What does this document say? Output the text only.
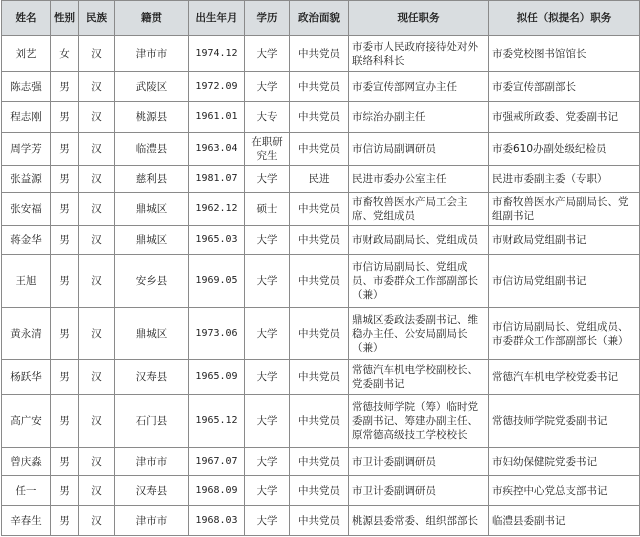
姓名	性别	民族	籍贯	出生年月	学历	政治面貌	现任职务	拟任（拟提名）职务
刘艺	女	汉	津市市	1974.12	大学	中共党员	市委市人民政府接待处对外联络科科长	市委党校图书馆馆长
陈志强	男	汉	武陵区	1972.09	大学	中共党员	市委宣传部网宣办主任	市委宣传部副部长
程志刚	男	汉	桃源县	1961.01	大专	中共党员	市综治办副主任	市强戒所政委、党委副书记
周学芳	男	汉	临澧县	1963.04	在职研究生	中共党员	市信访局副调研员	市委610办副处级纪检员
张益源	男	汉	慈利县	1981.07	大学	民进	民进市委办公室主任	民进市委副主委（专职）
张安福	男	汉	鼎城区	1962.12	硕士	中共党员	市畜牧兽医水产局工会主席、党组成员	市畜牧兽医水产局副局长、党组副书记
蒋金华	男	汉	鼎城区	1965.03	大学	中共党员	市财政局副局长、党组成员	市财政局党组副书记
王旭	男	汉	安乡县	1969.05	大学	中共党员	市信访局副局长、党组成员、市委群众工作部副部长（兼）	市信访局党组副书记
黄永清	男	汉	鼎城区	1973.06	大学	中共党员	鼎城区委政法委副书记、维稳办主任、公安局副局长（兼）	市信访局副局长、党组成员、市委群众工作部副部长（兼）
杨跃华	男	汉	汉寿县	1965.09	大学	中共党员	常德汽车机电学校副校长、党委副书记	常德汽车机电学校党委书记
高广安	男	汉	石门县	1965.12	大学	中共党员	常德技师学院（筹）临时党委副书记、筹建办副主任、原常德高级技工学校校长	常德技师学院党委副书记
曾庆淼	男	汉	津市市	1967.07	大学	中共党员	市卫计委副调研员	市妇幼保健院党委书记
任一	男	汉	汉寿县	1968.09	大学	中共党员	市卫计委副调研员	市疾控中心党总支部书记
辛春生	男	汉	津市市	1968.03	大学	中共党员	桃源县委常委、组织部部长	临澧县委副书记
